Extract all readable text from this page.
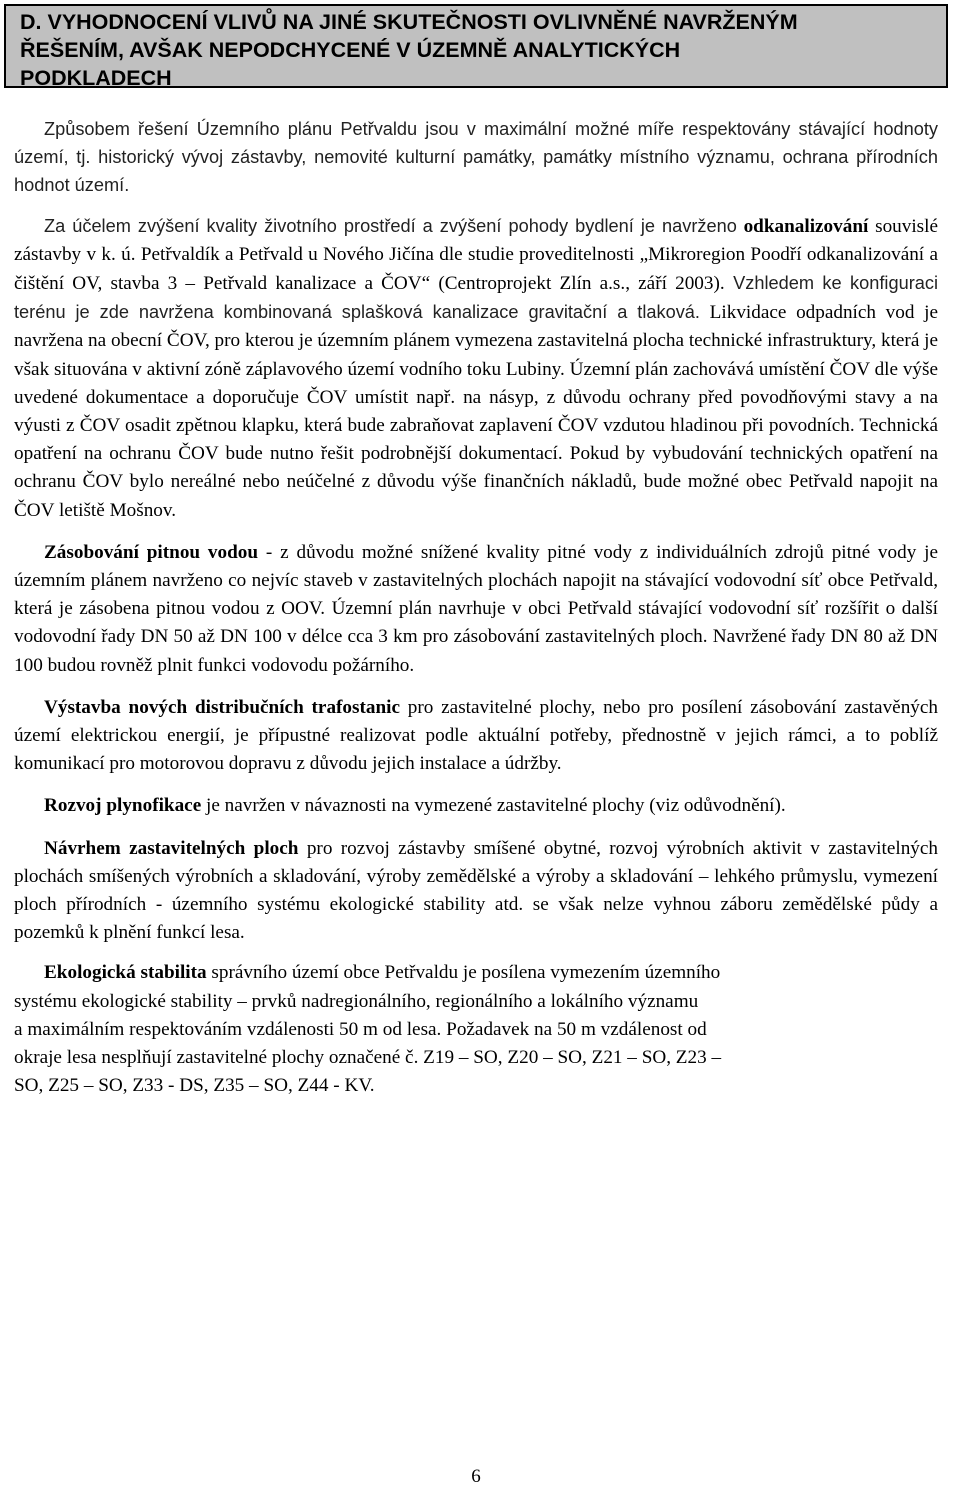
D. VYHODNOCENÍ VLIVŮ NA JINÉ SKUTEČNOSTI OVLIVNĚNÉ NAVRŽENÝM
ŘEŠENÍM, AVŠAK NEPODCHYCENÉ V ÚZEMNĚ ANALYTICKÝCH
PODKLADECH

Způsobem řešení Územního plánu Petřvaldu jsou v maximální možné míře respektovány stávající hodnoty území, tj. historický vývoj zástavby, nemovité kulturní památky, památky místního významu, ochrana přírodních hodnot území.

Za účelem zvýšení kvality životního prostředí a zvýšení pohody bydlení je navrženo odkanalizování souvislé zástavby v k. ú. Petřvaldík a Petřvald u Nového Jičína dle studie proveditelnosti „Mikroregion Poodří odkanalizování a čištění OV, stavba 3 – Petřvald kanalizace a ČOV“ (Centroprojekt Zlín a.s., září 2003). Vzhledem ke konfiguraci terénu je zde navržena kombinovaná splašková kanalizace gravitační a tlaková. Likvidace odpadních vod je navržena na obecní ČOV, pro kterou je územním plánem vymezena zastavitelná plocha technické infrastruktury, která je však situována v aktivní zóně záplavového území vodního toku Lubiny. Územní plán zachovává umístění ČOV dle výše uvedené dokumentace a doporučuje ČOV umístit např. na násyp, z důvodu ochrany před povodňovými stavy a na výusti z ČOV osadit zpětnou klapku, která bude zabraňovat zaplavení ČOV vzdutou hladinou při povodních. Technická opatření na ochranu ČOV bude nutno řešit podrobnější dokumentací. Pokud by vybudování technických opatření na ochranu ČOV bylo nereálné nebo neúčelné z důvodu výše finančních nákladů, bude možné obec Petřvald napojit na ČOV letiště Mošnov.

Zásobování pitnou vodou - z důvodu možné snížené kvality pitné vody z individuálních zdrojů pitné vody je územním plánem navrženo co nejvíc staveb v zastavitelných plochách napojit na stávající vodovodní síť obce Petřvald, která je zásobena pitnou vodou z OOV. Územní plán navrhuje v obci Petřvald stávající vodovodní síť rozšířit o další vodovodní řady DN 50 až DN 100 v délce cca 3 km pro zásobování zastavitelných ploch. Navržené řady DN 80 až DN 100 budou rovněž plnit funkci vodovodu požárního.

Výstavba nových distribučních trafostanic pro zastavitelné plochy, nebo pro posílení zásobování zastavěných území elektrickou energií, je přípustné realizovat podle aktuální potřeby, přednostně v jejich rámci, a to poblíž komunikací pro motorovou dopravu z důvodu jejich instalace a údržby.

Rozvoj plynofikace je navržen v návaznosti na vymezené zastavitelné plochy (viz odůvodnění).

Návrhem zastavitelných ploch pro rozvoj zástavby smíšené obytné, rozvoj výrobních aktivit v zastavitelných plochách smíšených výrobních a skladování, výroby zemědělské a výroby a skladování – lehkého průmyslu, vymezení ploch přírodních - územního systému ekologické stability atd. se však nelze vyhnou záboru zemědělské půdy a pozemků k plnění funkcí lesa.

Ekologická stabilita správního území obce Petřvaldu je posílena vymezením územního
systému ekologické stability – prvků nadregionálního, regionálního a lokálního významu
a maximálním respektováním vzdálenosti 50 m od lesa. Požadavek na 50 m vzdálenost od
okraje lesa nesplňují zastavitelné plochy označené č. Z19 – SO, Z20 – SO, Z21 – SO, Z23 –
SO, Z25 – SO, Z33 - DS, Z35 – SO, Z44 - KV.

6
